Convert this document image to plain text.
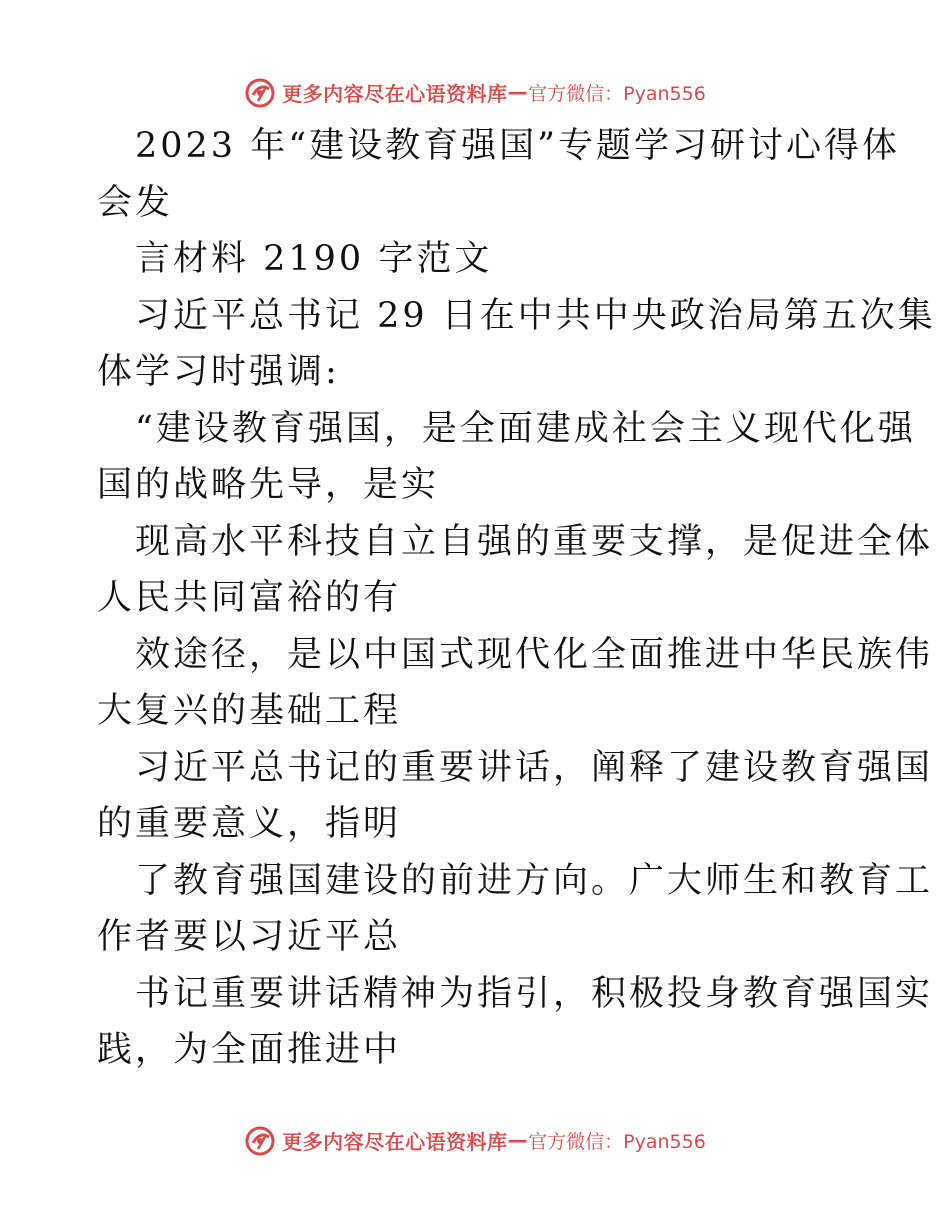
更多内容尽在心语资料库 — 官方微信：Pyan556
2023 年“建设教育强国”专题学习研讨心得体
会发
言材料 2190 字范文
习近平总书记 29 日在中共中央政治局第五次集
体学习时强调:
“建设教育强国，是全面建成社会主义现代化强
国的战略先导，是实
现高水平科技自立自强的重要支撑，是促进全体
人民共同富裕的有
效途径，是以中国式现代化全面推进中华民族伟
大复兴的基础工程
习近平总书记的重要讲话，阐释了建设教育强国
的重要意义，指明
了教育强国建设的前进方向。广大师生和教育工
作者要以习近平总
书记重要讲话精神为指引，积极投身教育强国实
践，为全面推进中
更多内容尽在心语资料库 — 官方微信：Pyan556
